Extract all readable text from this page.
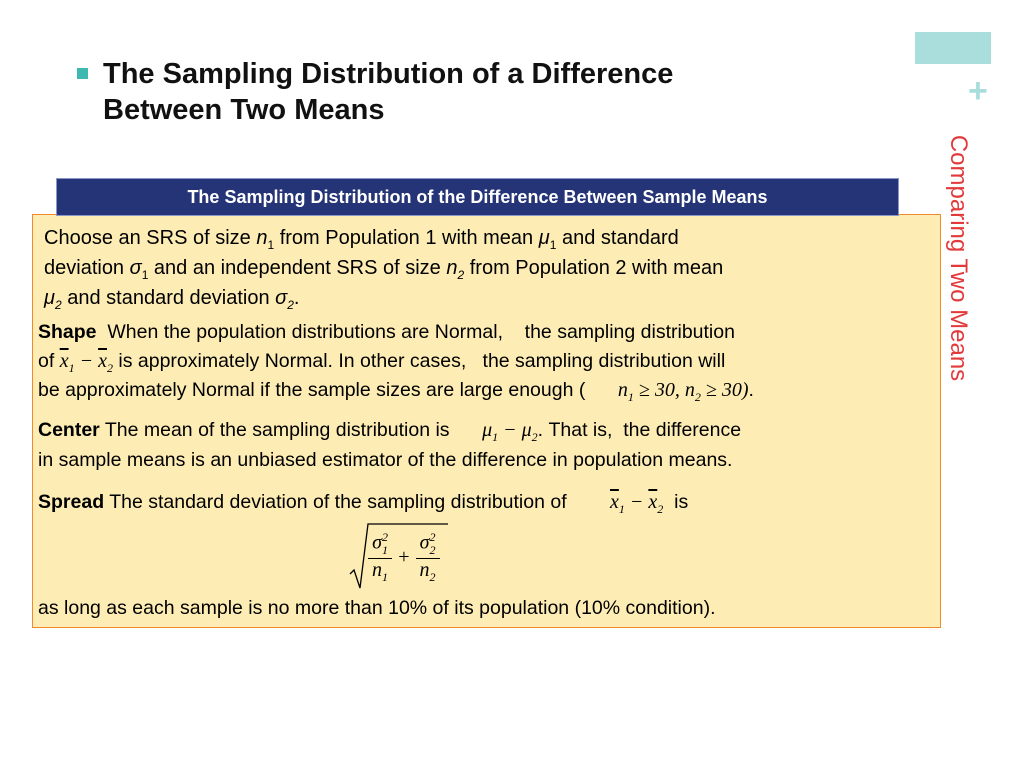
+
Comparing Two Means
The Sampling Distribution of a Difference
Between Two Means
The Sampling Distribution of the Difference Between Sample Means
Choose an SRS of size $n_1$ from Population 1 with mean $\mu_1$ and standard
deviation $\sigma_1$ and an independent SRS of size $n_2$ from Population 2 with mean
$\mu_2$ and standard deviation $\sigma_2$.
Shape When the population distributions are Normal,    the sampling distribution
of $\overline{x}_1 - \overline{x}_2$ is approximately Normal. In other cases,   the sampling distribution will
be approximately Normal if the sample sizes are large enough ( $n_1 \ge 30$, $n_2 \ge 30$).
Center The mean of the sampling distribution is $\mu_1 - \mu_2$. That is,  the difference
in sample means is an unbiased estimator of the difference in population means.
Spread The standard deviation of the sampling distribution of $\overline{x}_1 - \overline{x}_2$ is
$\frac{\sigma^2_1}{n_1} + \frac{\sigma^2_2}{n_2}$
as long as each sample is no more than 10% of its population (10% condition).
